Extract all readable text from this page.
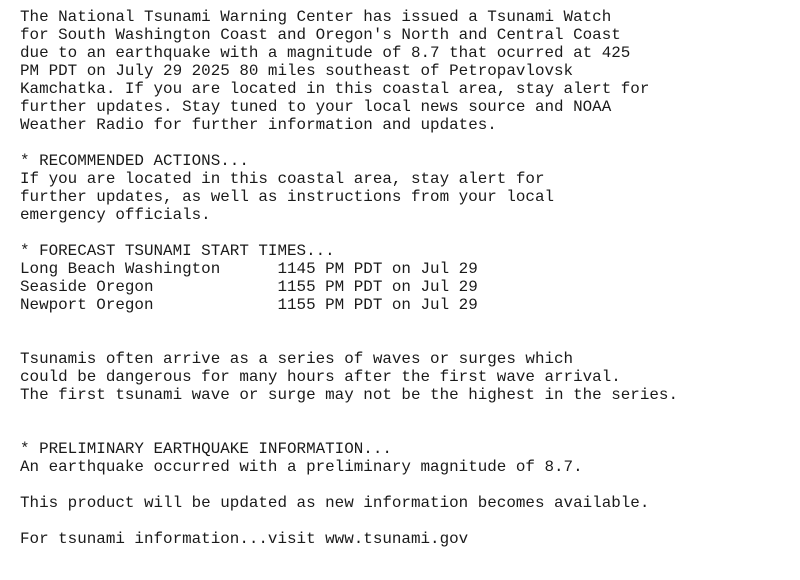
The National Tsunami Warning Center has issued a Tsunami Watch
for South Washington Coast and Oregon's North and Central Coast
due to an earthquake with a magnitude of 8.7 that ocurred at 425
PM PDT on July 29 2025 80 miles southeast of Petropavlovsk
Kamchatka. If you are located in this coastal area, stay alert for
further updates. Stay tuned to your local news source and NOAA
Weather Radio for further information and updates.

* RECOMMENDED ACTIONS...
If you are located in this coastal area, stay alert for
further updates, as well as instructions from your local
emergency officials.

* FORECAST TSUNAMI START TIMES...
Long Beach Washington      1145 PM PDT on Jul 29
Seaside Oregon             1155 PM PDT on Jul 29
Newport Oregon             1155 PM PDT on Jul 29

Tsunamis often arrive as a series of waves or surges which
could be dangerous for many hours after the first wave arrival.
The first tsunami wave or surge may not be the highest in the series.

* PRELIMINARY EARTHQUAKE INFORMATION...
An earthquake occurred with a preliminary magnitude of 8.7.

This product will be updated as new information becomes available.

For tsunami information...visit www.tsunami.gov
